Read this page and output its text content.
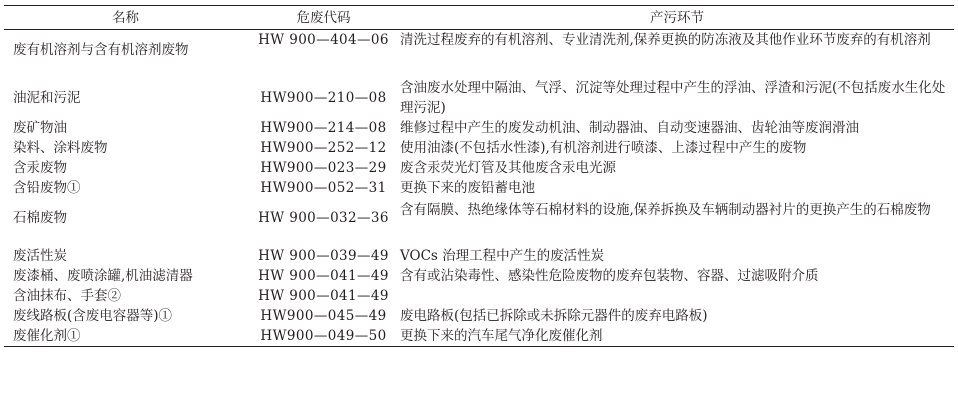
名称	危废代码	产污环节
废有机溶剂与含有机溶剂废物	HW 900—404—06	清洗过程废弃的有机溶剂、专业清洗剂,保养更换的防冻液及其他作业环节废弃的有机溶剂
油泥和污泥	HW900—210—08	含油废水处理中隔油、气浮、沉淀等处理过程中产生的浮油、浮渣和污泥(不包括废水生化处理污泥)
废矿物油	HW900—214—08	维修过程中产生的废发动机油、制动器油、自动变速器油、齿轮油等废润滑油
染料、涂料废物	HW900—252—12	使用油漆(不包括水性漆),有机溶剂进行喷漆、上漆过程中产生的废物
含汞废物	HW900—023—29	废含汞荧光灯管及其他废含汞电光源
含铅废物①	HW900—052—31	更换下来的废铅蓄电池
石棉废物	HW 900—032—36	含有隔膜、热绝缘体等石棉材料的设施,保养拆换及车辆制动器衬片的更换产生的石棉废物
废活性炭	HW 900—039—49	VOCs 治理工程中产生的废活性炭
废漆桶、废喷涂罐,机油滤清器	HW 900—041—49	含有或沾染毒性、感染性危险废物的废弃包装物、容器、过滤吸附介质
含油抹布、手套②	HW 900—041—49	
废线路板(含废电容器等)①	HW900—045—49	废电路板(包括已拆除或未拆除元器件的废弃电路板)
废催化剂①	HW900—049—50	更换下来的汽车尾气净化废催化剂
